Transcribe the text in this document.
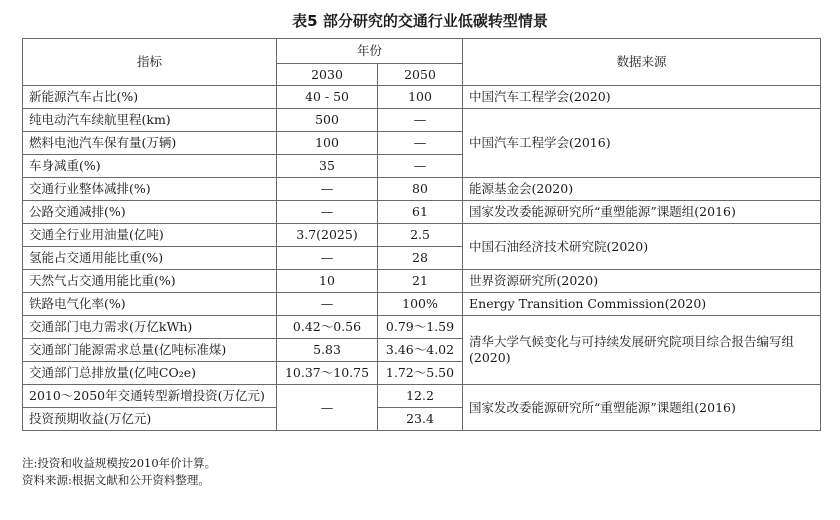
表5 部分研究的交通行业低碳转型情景
指标	年份		数据来源
	2030	2050	
新能源汽车占比(%)	40 - 50	100	中国汽车工程学会(2020)
纯电动汽车续航里程(km)	500	—	中国汽车工程学会(2016)
燃料电池汽车保有量(万辆)	100	—	
车身减重(%)	35	—	
交通行业整体减排(%)	—	80	能源基金会(2020)
公路交通减排(%)	—	61	国家发改委能源研究所“重塑能源”课题组(2016)
交通全行业用油量(亿吨)	3.7(2025)	2.5	中国石油经济技术研究院(2020)
氢能占交通用能比重(%)	—	28	
天然气占交通用能比重(%)	10	21	世界资源研究所(2020)
铁路电气化率(%)	—	100%	Energy Transition Commission(2020)
交通部门电力需求(万亿kWh)	0.42～0.56	0.79～1.59	清华大学气候变化与可持续发展研究院项目综合报告编写组(2020)
交通部门能源需求总量(亿吨标准煤)	5.83	3.46～4.02	
交通部门总排放量(亿吨CO₂e)	10.37～10.75	1.72～5.50	
2010～2050年交通转型新增投资(万亿元)	—	12.2	国家发改委能源研究所“重塑能源”课题组(2016)
投资预期收益(万亿元)		23.4	
注:投资和收益规模按2010年价计算。
资料来源:根据文献和公开资料整理。
